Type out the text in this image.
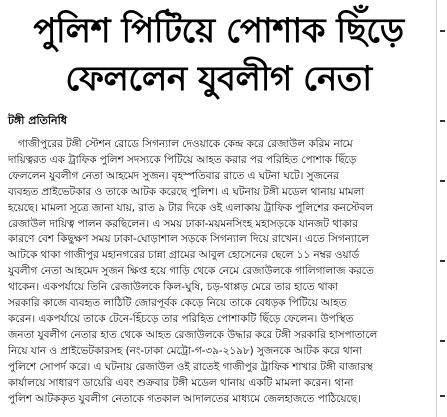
পুলিশ পিটিয়ে পোশাক ছিঁড়ে
ফেললেন যুবলীগ নেতা
টঙ্গী প্রতিনিধি
গাজীপুরের টঙ্গী স্টেশন রোডে সিগন্যাল দেওয়াকে কেন্দ্র করে রেজাউল করিম নামে
দায়িত্বরত এক ট্রাফিক পুলিশ সদস্যকে পিটিয়ে আহত করার পর পরিহিত পোশাক ছিঁড়ে
ফেললেন যুবলীগ নেতা আহমেদ সুজন। বৃহস্পতিবার রাতে এ ঘটনা ঘটে। সুজনের
ব্যবহৃত প্রাইভেটকার ও তাকে আটক করেছে পুলিশ। এ ঘটনায় টঙ্গী মডেল থানায় মামলা
হয়েছে। মামলা সূত্রে জানা যায়, রাত ৯ টার দিকে ওই এলাকায় ট্রাফিক পুলিশের কনস্টেবল
রেজাউল দায়িত্ব পালন করছিলেন। এ সময় ঢাকা-ময়মনসিংহ মহাসড়কে যানজট থাকার
কারণে বেশ কিছুক্ষণ সময় ঢাকা-ঘোড়াশাল সড়কে সিগন্যাল দিয়ে রাখেন। এতে সিগন্যালে
আটকে থাকা গাজীপুর মহানগরের চান্না গ্রামের আবুল হোসেনের ছেলে ১১ নম্বর ওয়ার্ড
যুবলীগ নেতা আহমেদ সুজন ক্ষিপ্ত হয়ে গাড়ি থেকে নেমে রেজাউলকে গালিগালাজ করতে
থাকেন। একপর্যায়ে তিনি রেজাউলকে কিল-ঘুষি, চড়-থাপ্পড় মেরে তার হাতে থাকা
সরকারি কাজে ব্যবহৃত লাঠিটি জোরপূর্বক কেড়ে নিয়ে তাকে বেধড়ক পিটিয়ে আহত
করেন। একপর্যায়ে তাকে টেনে-হিঁচড়ে তার পরিহিত পোশাকটি ছিঁড়ে ফেলেন। উপস্থিত
জনতা যুবলীগ নেতার হাত থেকে আহত রেজাউলকে উদ্ধার করে টঙ্গী সরকারি হাসপাতালে
নিয়ে যান ও প্রাইভেটকারসহ (নং-ঢাকা মেট্রো-গ-৩৯-২১৯৮) সুজনকে আটক করে থানা
পুলিশে সোপর্দ করে। এ ঘটনায় রেজাউল ওই রাতেই গাজীপুর ট্রাফিক শাখার টঙ্গী বাজারস্থ
কার্যালয়ে সাধারণ ডায়েরি এবং শুক্রবার টঙ্গী মডেল থানায় একটি মামলা করেন। থানা
পুলিশ আটককৃত যুবলীগ নেতাকে গতকাল আদালতের মাধ্যমে জেলহাজতে পাঠিয়েছে।
